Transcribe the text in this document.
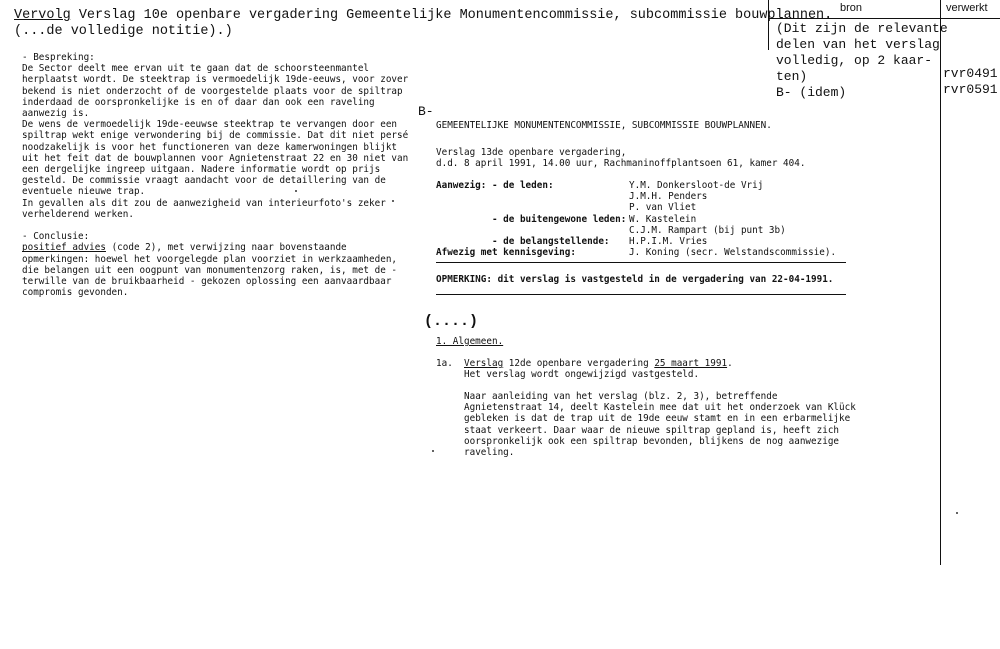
bron	verwerkt
Vervolg Verslag 10e openbare vergadering Gemeentelijke Monumentencommissie, subcommissie bouwplannen.
(...de volledige notitie).)
- Bespreking:
De Sector deelt mee ervan uit te gaan dat de schoorsteenmantel
herplaatst wordt. De steektrap is vermoedelijk 19de-eeuws, voor zover
bekend is niet onderzocht of de voorgestelde plaats voor de spiltrap
inderdaad de oorspronkelijke is en of daar dan ook een raveling
aanwezig is.
De wens de vermoedelijk 19de-eeuwse steektrap te vervangen door een
spiltrap wekt enige verwondering bij de commissie. Dat dit niet persé
noodzakelijk is voor het functioneren van deze kamerwoningen blijkt
uit het feit dat de bouwplannen voor Agnietenstraat 22 en 30 niet van
een dergelijke ingreep uitgaan. Nadere informatie wordt op prijs
gesteld. De commissie vraagt aandacht voor de detaillering van de
eventuele nieuwe trap.
In gevallen als dit zou de aanwezigheid van interieurfoto's zeker
verhelderend werken.

- Conclusie:
positief advies (code 2), met verwijzing naar bovenstaande
opmerkingen: hoewel het voorgelegde plan voorziet in werkzaamheden,
die belangen uit een oogpunt van monumentenzorg raken, is, met de -
terwille van de bruikbaarheid - gekozen oplossing een aanvaardbaar
compromis gevonden.
B-
GEMEENTELIJKE MONUMENTENCOMMISSIE, SUBCOMMISSIE BOUWPLANNEN.
Verslag 13de openbare vergadering,
d.d. 8 april 1991, 14.00 uur, Rachmaninoffplantsoen 61, kamer 404.
Aanwezig: - de leden:

- de buitengewone leden:

- de belangstellende:
Afwezig met kennisgeving:
Y.M. Donkersloot-de Vrij
J.M.H. Penders
P. van Vliet
W. Kastelein
C.J.M. Rampart (bij punt 3b)
H.P.I.M. Vries
J. Koning (secr. Welstandscommissie).
OPMERKING: dit verslag is vastgesteld in de vergadering van 22-04-1991.
(....)
1. Algemeen.
1a. Verslag 12de openbare vergadering 25 maart 1991.
Het verslag wordt ongewijzigd vastgesteld.
Naar aanleiding van het verslag (blz. 2, 3), betreffende
Agnietenstraat 14, deelt Kastelein mee dat uit het onderzoek van Klück
gebleken is dat de trap uit de 19de eeuw stamt en in een erbarmelijke
staat verkeert. Daar waar de nieuwe spiltrap gepland is, heeft zich
oorspronkelijk ook een spiltrap bevonden, blijkens de nog aanwezige
raveling.
(Dit zijn de relevante
delen van het verslag
volledig, op 2 kaar-
ten)
B- (idem)
rvr0491
rvr0591
